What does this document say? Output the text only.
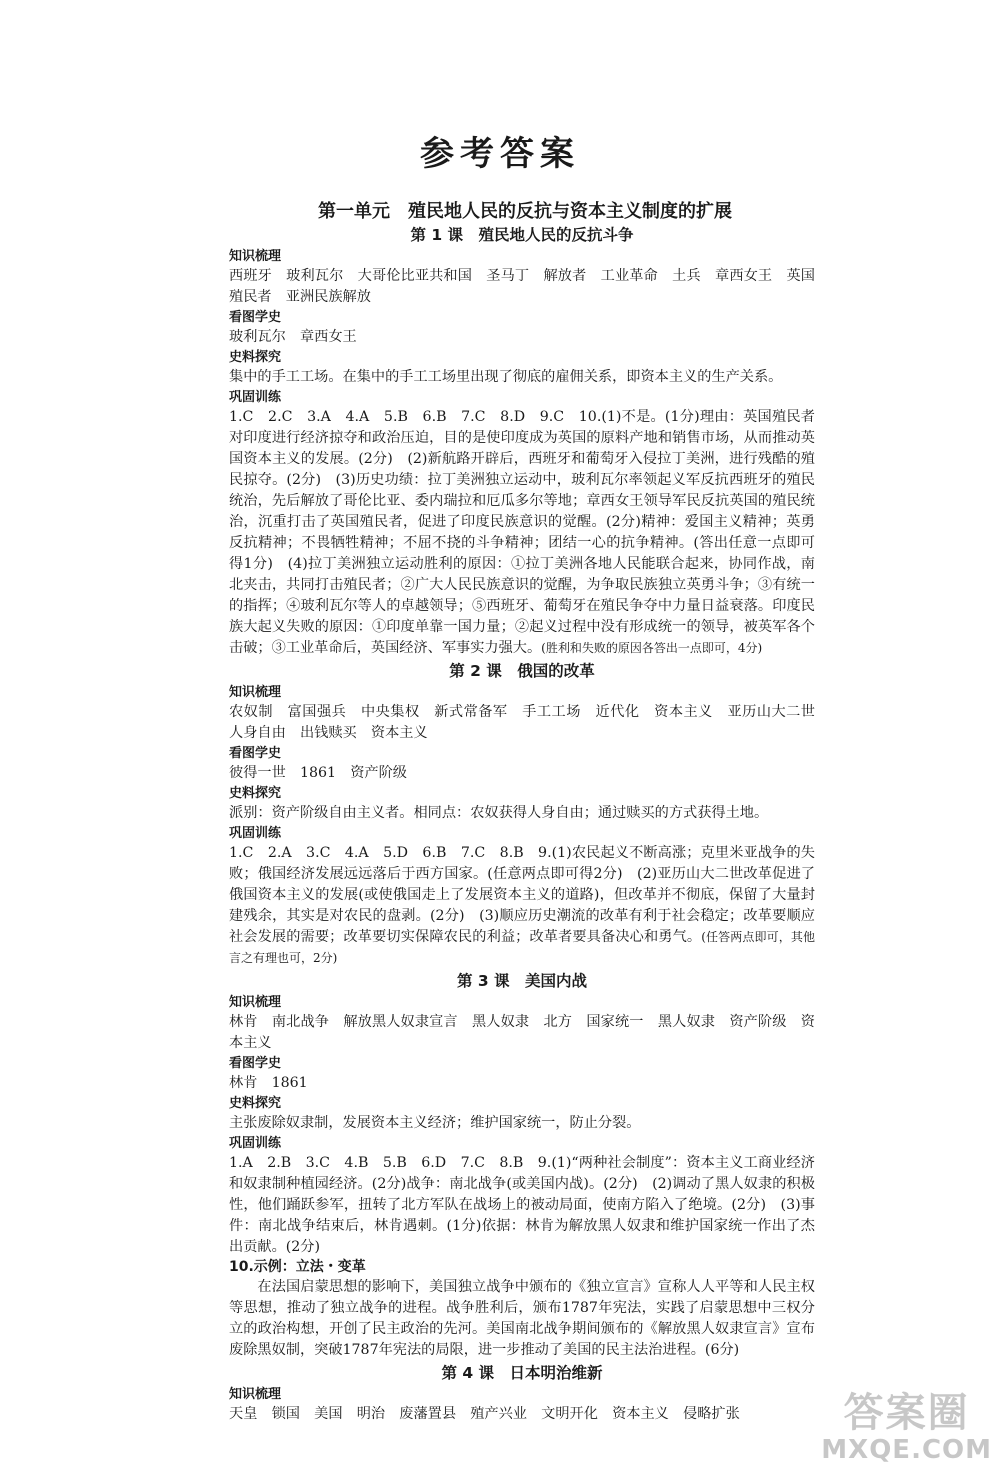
参考答案
第一单元　殖民地人民的反抗与资本主义制度的扩展
第 1 课　殖民地人民的反抗斗争
知识梳理

西班牙　玻利瓦尔　大哥伦比亚共和国　圣马丁　解放者　工业革命　土兵　章西女王　英国殖民者　亚洲民族解放

看图学史

玻利瓦尔　章西女王

史料探究

集中的手工工场。在集中的手工工场里出现了彻底的雇佣关系，即资本主义的生产关系。

巩固训练

1.C　2.C　3.A　4.A　5.B　6.B　7.C　8.D　9.C　10.(1)不是。(1分)理由：英国殖民者对印度进行经济掠夺和政治压迫，目的是使印度成为英国的原料产地和销售市场，从而推动英国资本主义的发展。(2分)　(2)新航路开辟后，西班牙和葡萄牙入侵拉丁美洲，进行残酷的殖民掠夺。(2分)　(3)历史功绩：拉丁美洲独立运动中，玻利瓦尔率领起义军反抗西班牙的殖民统治，先后解放了哥伦比亚、委内瑞拉和厄瓜多尔等地；章西女王领导军民反抗英国的殖民统治，沉重打击了英国殖民者，促进了印度民族意识的觉醒。(2分)精神：爱国主义精神；英勇反抗精神；不畏牺牲精神；不屈不挠的斗争精神；团结一心的抗争精神。(答出任意一点即可得1分)　(4)拉丁美洲独立运动胜利的原因：①拉丁美洲各地人民能联合起来，协同作战，南北夹击，共同打击殖民者；②广大人民民族意识的觉醒，为争取民族独立英勇斗争；③有统一的指挥；④玻利瓦尔等人的卓越领导；⑤西班牙、葡萄牙在殖民争夺中力量日益衰落。印度民族大起义失败的原因：①印度单靠一国力量；②起义过程中没有形成统一的领导，被英军各个击破；③工业革命后，英国经济、军事实力强大。(胜利和失败的原因各答出一点即可，4分)

第 2 课　俄国的改革
知识梳理

农奴制　富国强兵　中央集权　新式常备军　手工工场　近代化　资本主义　亚历山大二世　人身自由　出钱赎买　资本主义

看图学史

彼得一世　1861　资产阶级

史料探究

派别：资产阶级自由主义者。相同点：农奴获得人身自由；通过赎买的方式获得土地。

巩固训练

1.C　2.A　3.C　4.A　5.D　6.B　7.C　8.B　9.(1)农民起义不断高涨；克里米亚战争的失败；俄国经济发展远远落后于西方国家。(任意两点即可得2分)　(2)亚历山大二世改革促进了俄国资本主义的发展(或使俄国走上了发展资本主义的道路)，但改革并不彻底，保留了大量封建残余，其实是对农民的盘剥。(2分)　(3)顺应历史潮流的改革有利于社会稳定；改革要顺应社会发展的需要；改革要切实保障农民的利益；改革者要具备决心和勇气。(任答两点即可，其他言之有理也可，2分)

第 3 课　美国内战
知识梳理

林肯　南北战争　解放黑人奴隶宣言　黑人奴隶　北方　国家统一　黑人奴隶　资产阶级　资本主义

看图学史

林肯　1861

史料探究

主张废除奴隶制，发展资本主义经济；维护国家统一，防止分裂。

巩固训练

1.A　2.B　3.C　4.B　5.B　6.D　7.C　8.B　9.(1)“两种社会制度”：资本主义工商业经济和奴隶制种植园经济。(2分)战争：南北战争(或美国内战)。(2分)　(2)调动了黑人奴隶的积极性，他们踊跃参军，扭转了北方军队在战场上的被动局面，使南方陷入了绝境。(2分)　(3)事件：南北战争结束后，林肯遇刺。(1分)依据：林肯为解放黑人奴隶和维护国家统一作出了杰出贡献。(2分)

10.示例：立法・变革

在法国启蒙思想的影响下，美国独立战争中颁布的《独立宣言》宣称人人平等和人民主权等思想，推动了独立战争的进程。战争胜利后，颁布1787年宪法，实践了启蒙思想中三权分立的政治构想，开创了民主政治的先河。美国南北战争期间颁布的《解放黑人奴隶宣言》宣布废除黑奴制，突破1787年宪法的局限，进一步推动了美国的民主法治进程。(6分)

第 4 课　日本明治维新
知识梳理

天皇　锁国　美国　明治　废藩置县　殖产兴业　文明开化　资本主义　侵略扩张	答案圈
MXQE.COM
